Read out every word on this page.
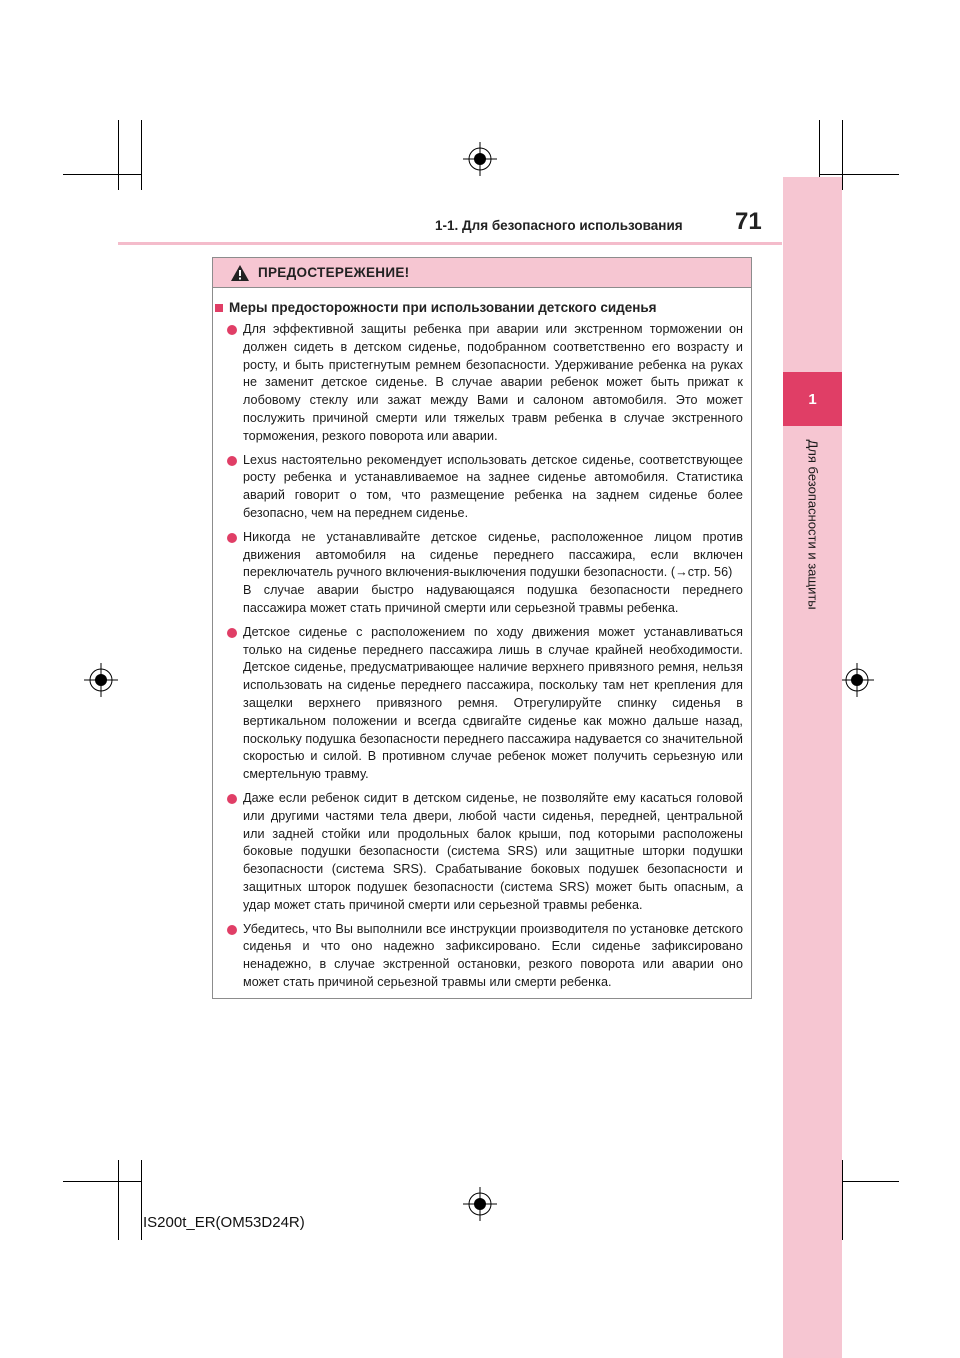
1
Для безопасности и защиты
1-1. Для безопасного использования 71
ПРЕДОСТЕРЕЖЕНИЕ!
Меры предосторожности при использовании детского сиденья
Для эффективной защиты ребенка при аварии или экстренном торможении он должен сидеть в детском сиденье, подобранном соответственно его возрасту и росту, и быть пристегнутым ремнем безопасности. Удерживание ребенка на руках не заменит детское сиденье. В случае аварии ребенок может быть прижат к лобовому стеклу или зажат между Вами и салоном автомобиля. Это может послужить причиной смерти или тяжелых травм ребенка в случае экстренного торможения, резкого поворота или аварии.
Lexus настоятельно рекомендует использовать детское сиденье, соответствующее росту ребенка и устанавливаемое на заднее сиденье автомобиля. Статистика аварий говорит о том, что размещение ребенка на заднем сиденье более безопасно, чем на переднем сиденье.
Никогда не устанавливайте детское сиденье, расположенное лицом против движения автомобиля на сиденье переднего пассажира, если включен переключатель ручного включения-выключения подушки безопасности. (→стр. 56)
В случае аварии быстро надувающаяся подушка безопасности переднего пассажира может стать причиной смерти или серьезной травмы ребенка.
Детское сиденье с расположением по ходу движения может устанавливаться только на сиденье переднего пассажира лишь в случае крайней необходимости. Детское сиденье, предусматривающее наличие верхнего привязного ремня, нельзя использовать на сиденье переднего пассажира, поскольку там нет крепления для защелки верхнего привязного ремня. Отрегулируйте спинку сиденья в вертикальном положении и всегда сдвигайте сиденье как можно дальше назад, поскольку подушка безопасности переднего пассажира надувается со значительной скоростью и силой. В противном случае ребенок может получить серьезную или смертельную травму.
Даже если ребенок сидит в детском сиденье, не позволяйте ему касаться головой или другими частями тела двери, любой части сиденья, передней, центральной или задней стойки или продольных балок крыши, под которыми расположены боковые подушки безопасности (система SRS) или защитные шторки подушки безопасности (система SRS). Срабатывание боковых подушек безопасности и защитных шторок подушек безопасности (система SRS) может быть опасным, а удар может стать причиной смерти или серьезной травмы ребенка.
Убедитесь, что Вы выполнили все инструкции производителя по установке детского сиденья и что оно надежно зафиксировано. Если сиденье зафиксировано ненадежно, в случае экстренной остановки, резкого поворота или аварии оно может стать причиной серьезной травмы или смерти ребенка.
IS200t_ER(OM53D24R)
